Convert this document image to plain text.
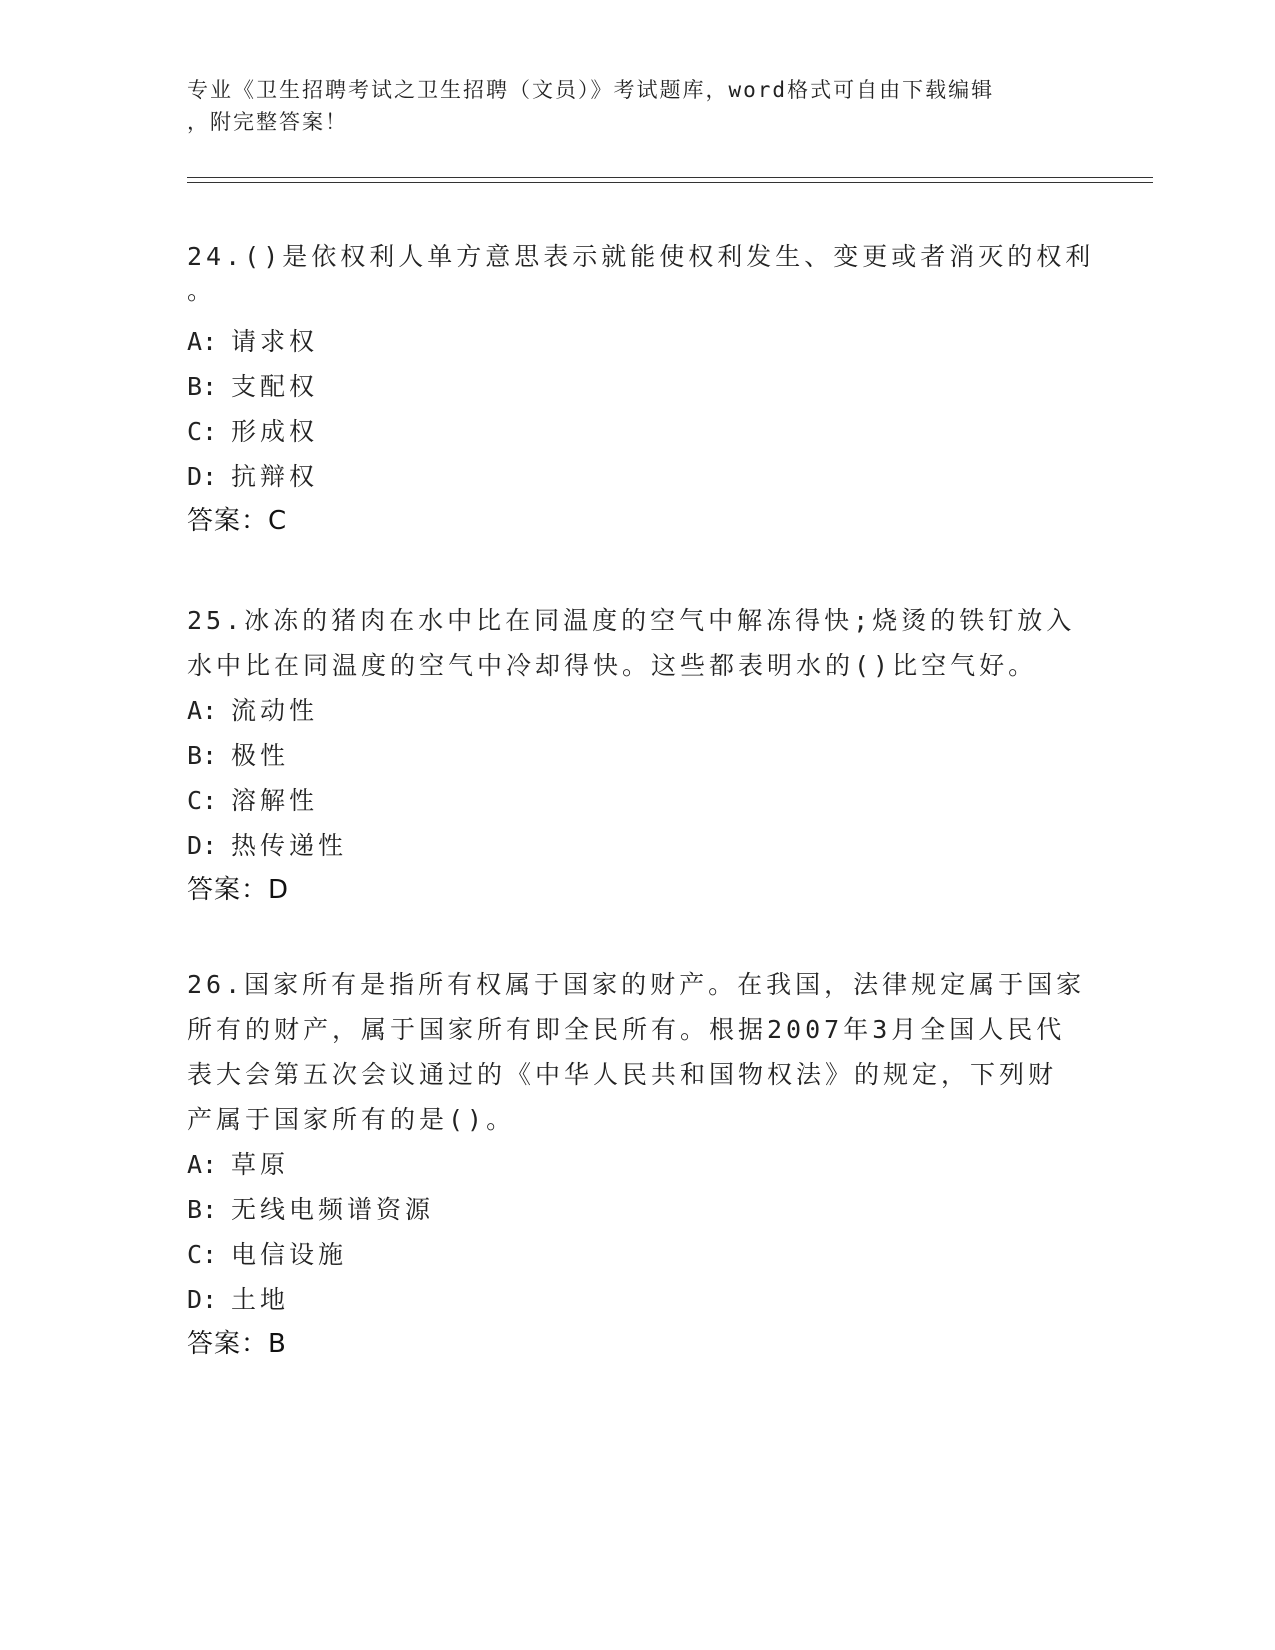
专业《卫生招聘考试之卫生招聘（文员）》考试题库，word格式可自由下载编辑
，附完整答案！
24.()是依权利人单方意思表示就能使权利发生、变更或者消灭的权利
。
A: 请求权
B: 支配权
C: 形成权
D: 抗辩权
答案：C
25.冰冻的猪肉在水中比在同温度的空气中解冻得快;烧烫的铁钉放入
水中比在同温度的空气中冷却得快。这些都表明水的()比空气好。
A: 流动性
B: 极性
C: 溶解性
D: 热传递性
答案：D
26.国家所有是指所有权属于国家的财产。在我国，法律规定属于国家
所有的财产，属于国家所有即全民所有。根据2007年3月全国人民代
表大会第五次会议通过的《中华人民共和国物权法》的规定，下列财
产属于国家所有的是()。
A: 草原
B: 无线电频谱资源
C: 电信设施
D: 土地
答案：B
